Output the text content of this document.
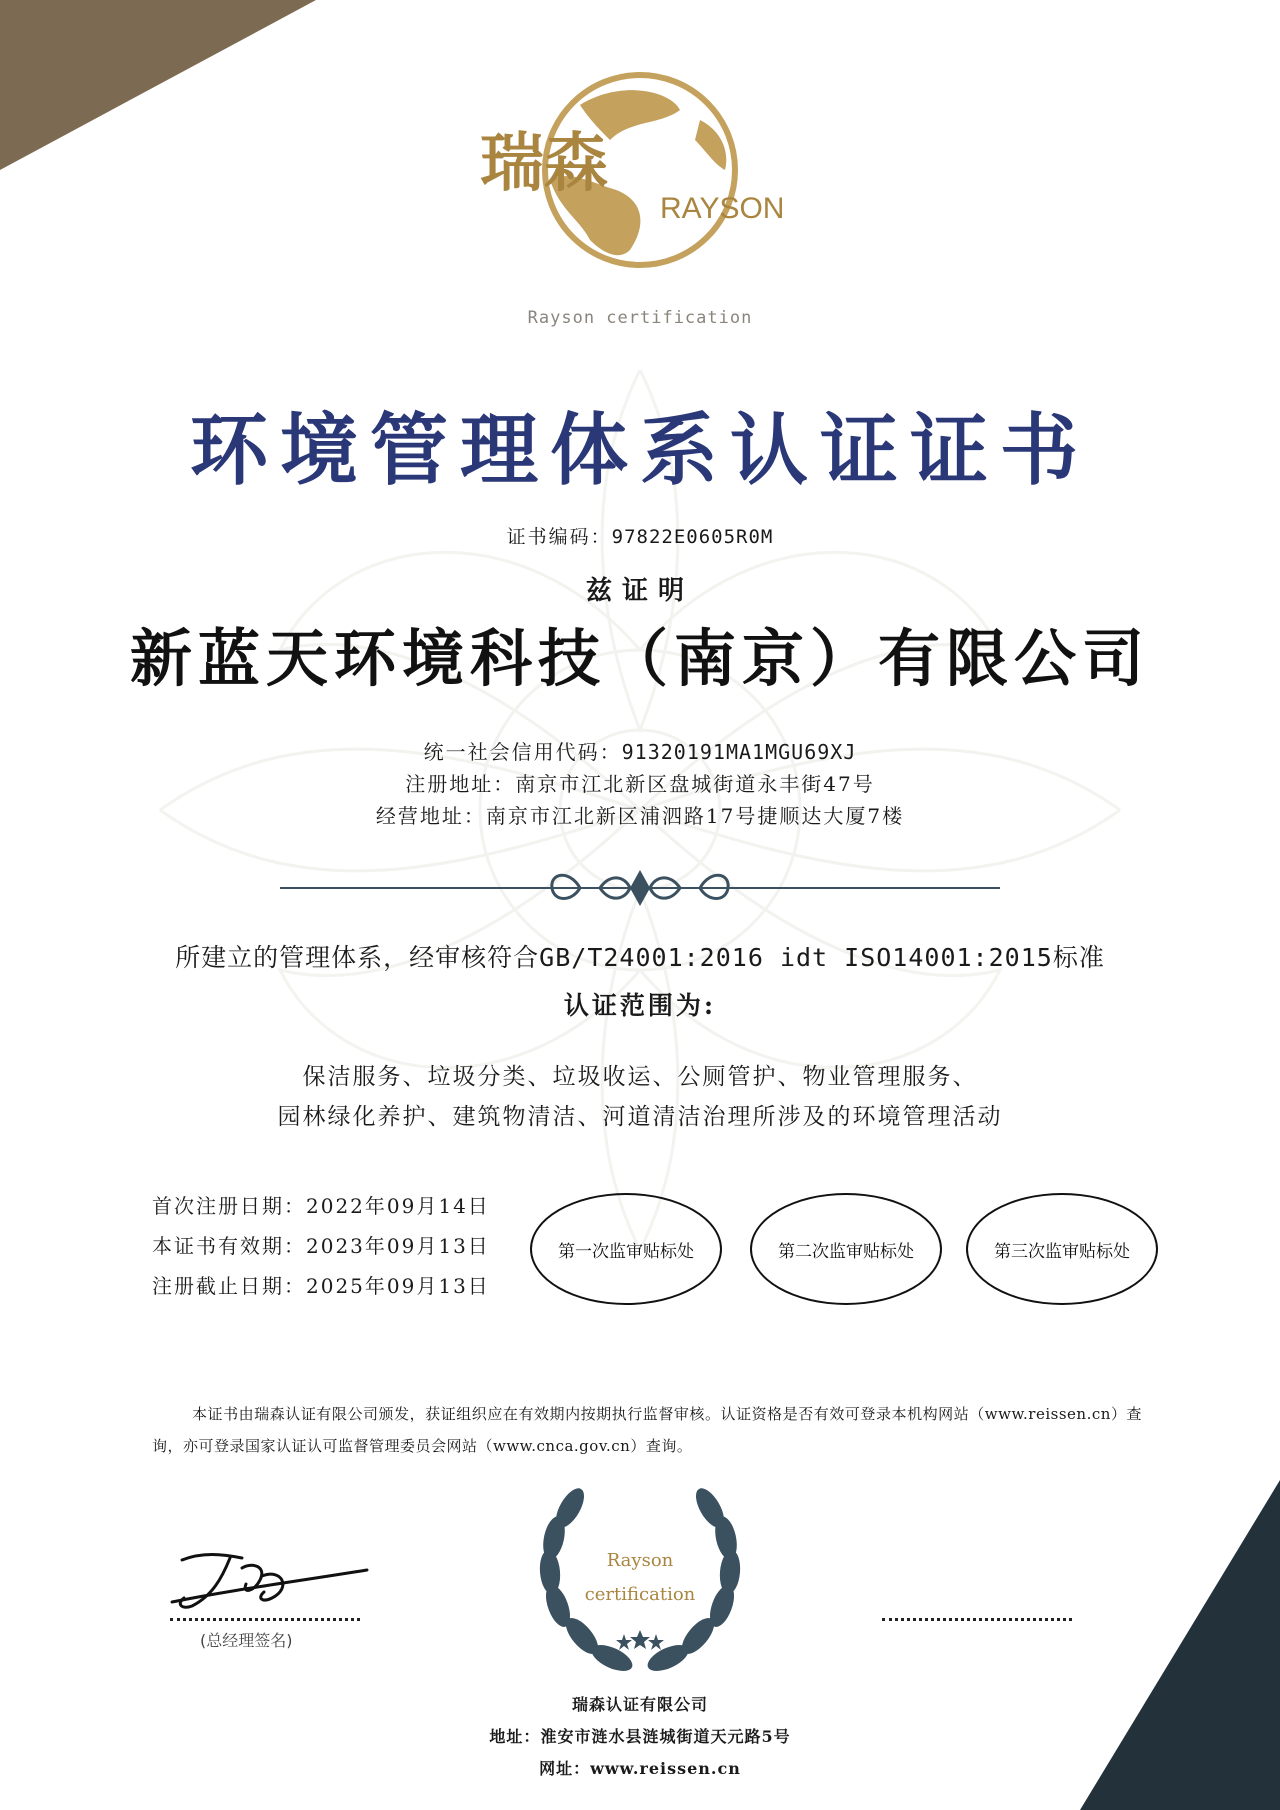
瑞森
RAYSON
Rayson certification
环境管理体系认证证书
证书编码：97822E0605R0M
兹证明
新蓝天环境科技（南京）有限公司
统一社会信用代码：91320191MA1MGU69XJ
注册地址：南京市江北新区盘城街道永丰街47号
经营地址：南京市江北新区浦泗路17号捷顺达大厦7楼
所建立的管理体系，经审核符合GB/T24001:2016 idt ISO14001:2015标准
认证范围为:
保洁服务、垃圾分类、垃圾收运、公厕管护、物业管理服务、
园林绿化养护、建筑物清洁、河道清洁治理所涉及的环境管理活动
首次注册日期：2022年09月14日
本证书有效期：2023年09月13日
注册截止日期：2025年09月13日
第一次监审贴标处	第二次监审贴标处	第三次监审贴标处
本证书由瑞森认证有限公司颁发，获证组织应在有效期内按期执行监督审核。认证资格是否有效可登录本机构网站（www.reissen.cn）查询，亦可登录国家认证认可监督管理委员会网站（www.cnca.gov.cn）查询。
(总经理签名)
Rayson
certification
瑞森认证有限公司
地址：淮安市涟水县涟城街道天元路5号
网址：www.reissen.cn
